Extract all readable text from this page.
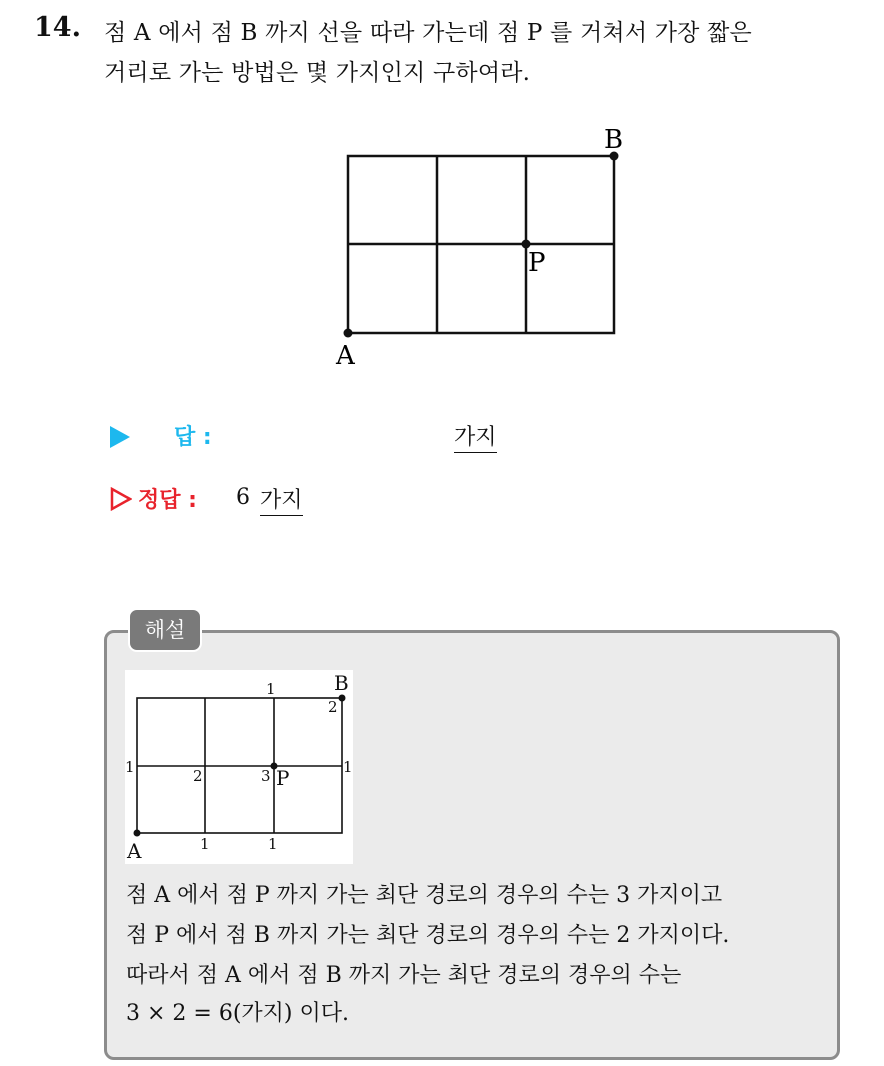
14. 점 A 에서 점 B 까지 선을 따라 가는데 점 P 를 거쳐서 가장 짧은
거리로 가는 방법은 몇 가지인지 구하여라.
A
B
P
답 :	가지
정답 : 6 가지
해설
A
B
P
1
2
1	2	3	1
1	1
점 A 에서 점 P 까지 가는 최단 경로의 경우의 수는 3 가지이고
점 P 에서 점 B 까지 가는 최단 경로의 경우의 수는 2 가지이다.
따라서 점 A 에서 점 B 까지 가는 최단 경로의 경우의 수는
3 × 2 = 6(가지) 이다.
